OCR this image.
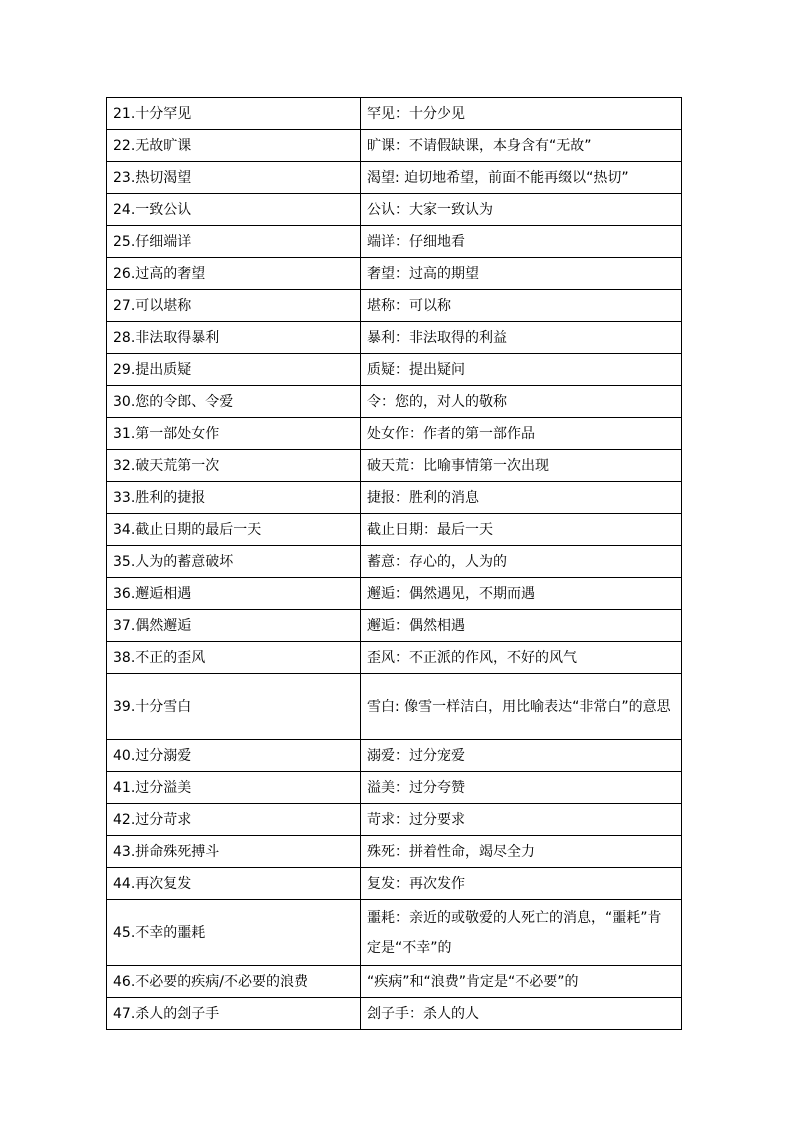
21.十分罕见	罕见：十分少见
22.无故旷课	旷课：不请假缺课，本身含有“无故”
23.热切渴望	渴望: 迫切地希望，前面不能再缀以“热切”
24.一致公认	公认：大家一致认为
25.仔细端详	端详：仔细地看
26.过高的奢望	奢望：过高的期望
27.可以堪称	堪称：可以称
28.非法取得暴利	暴利：非法取得的利益
29.提出质疑	质疑：提出疑问
30.您的令郎、令爱	令：您的，对人的敬称
31.第一部处女作	处女作：作者的第一部作品
32.破天荒第一次	破天荒：比喻事情第一次出现
33.胜利的捷报	捷报：胜利的消息
34.截止日期的最后一天	截止日期：最后一天
35.人为的蓄意破坏	蓄意：存心的，人为的
36.邂逅相遇	邂逅：偶然遇见，不期而遇
37.偶然邂逅	邂逅：偶然相遇
38.不正的歪风	歪风：不正派的作风，不好的风气
39.十分雪白	雪白: 像雪一样洁白，用比喻表达“非常白”的意思
40.过分溺爱	溺爱：过分宠爱
41.过分溢美	溢美：过分夸赞
42.过分苛求	苛求：过分要求
43.拼命殊死搏斗	殊死：拼着性命，竭尽全力
44.再次复发	复发：再次发作
45.不幸的噩耗	噩耗：亲近的或敬爱的人死亡的消息，“噩耗”肯定是“不幸”的
46.不必要的疾病/不必要的浪费	“疾病”和“浪费”肯定是“不必要”的
47.杀人的刽子手	刽子手：杀人的人
